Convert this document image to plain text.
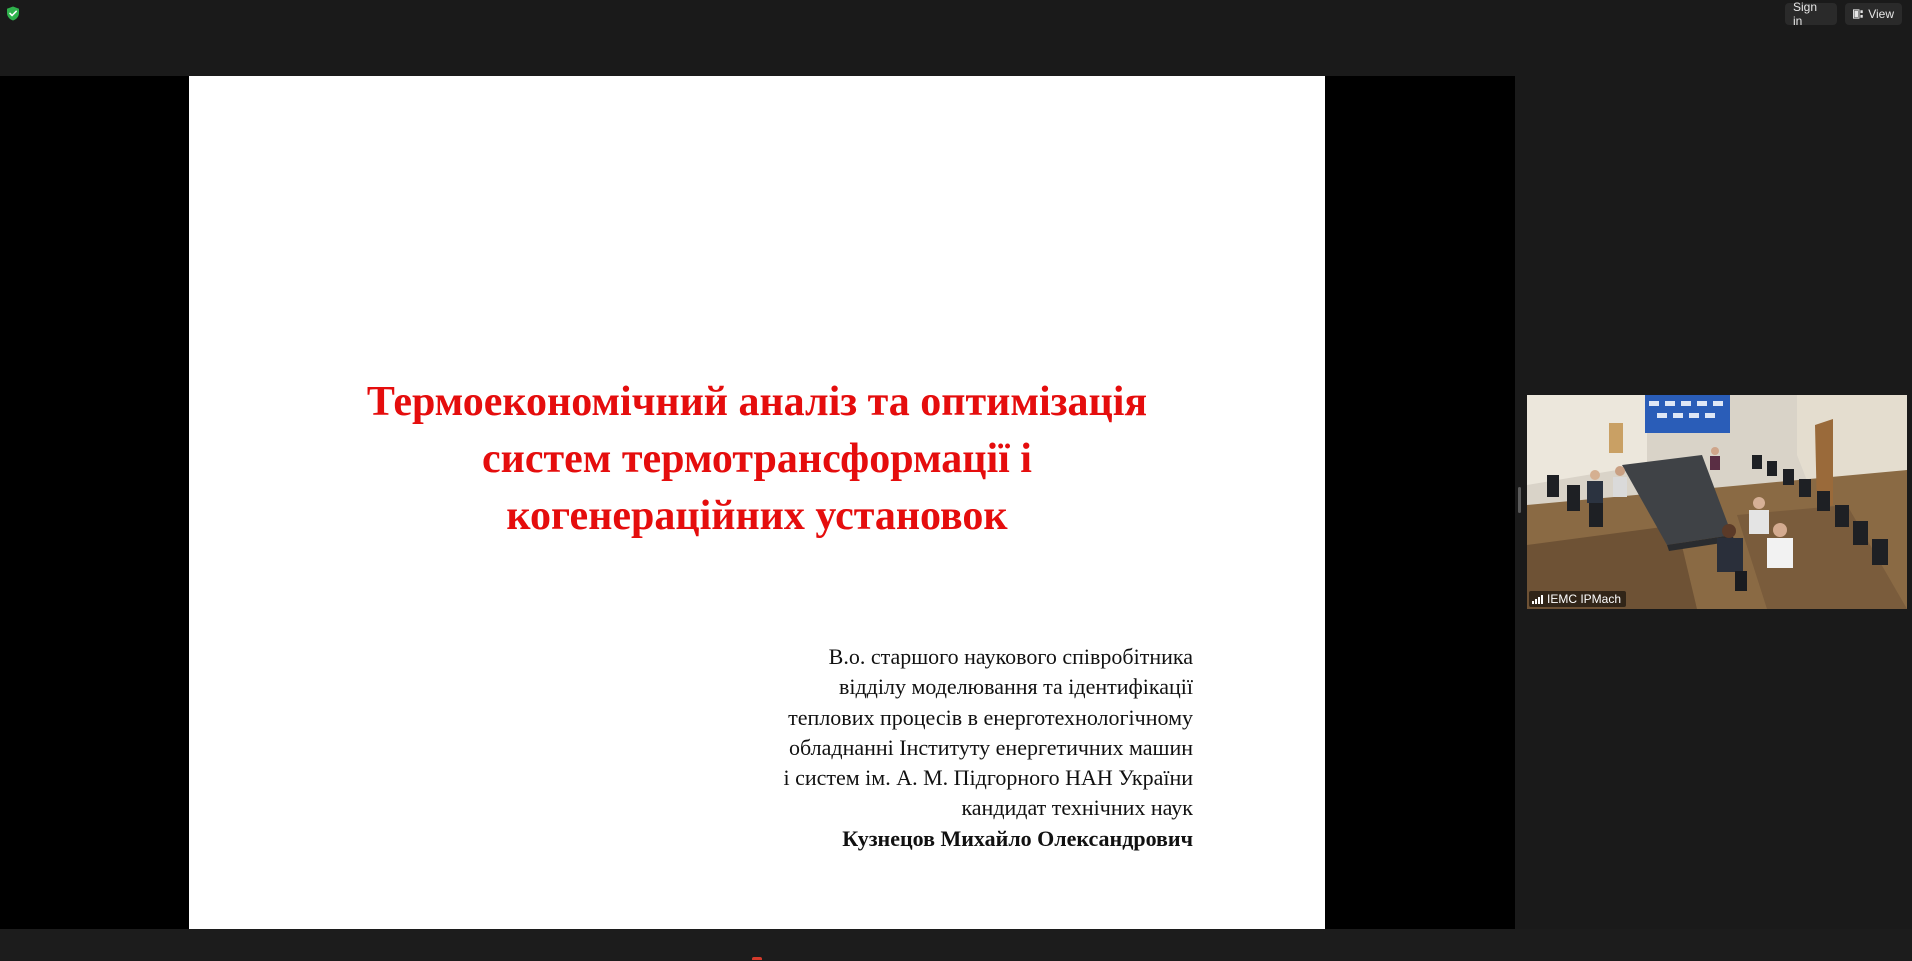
Sign in	View
Термоекономічний аналіз та оптимізація
систем термотрансформації і
когенераційних установок
В.о. старшого наукового співробітника
відділу моделювання та ідентифікації
теплових процесів в енерготехнологічному
обладнанні Інституту енергетичних машин
і систем ім. А. М. Підгорного НАН України
кандидат технічних наук
Кузнецов Михайло Олександрович
IEMC IPMach
